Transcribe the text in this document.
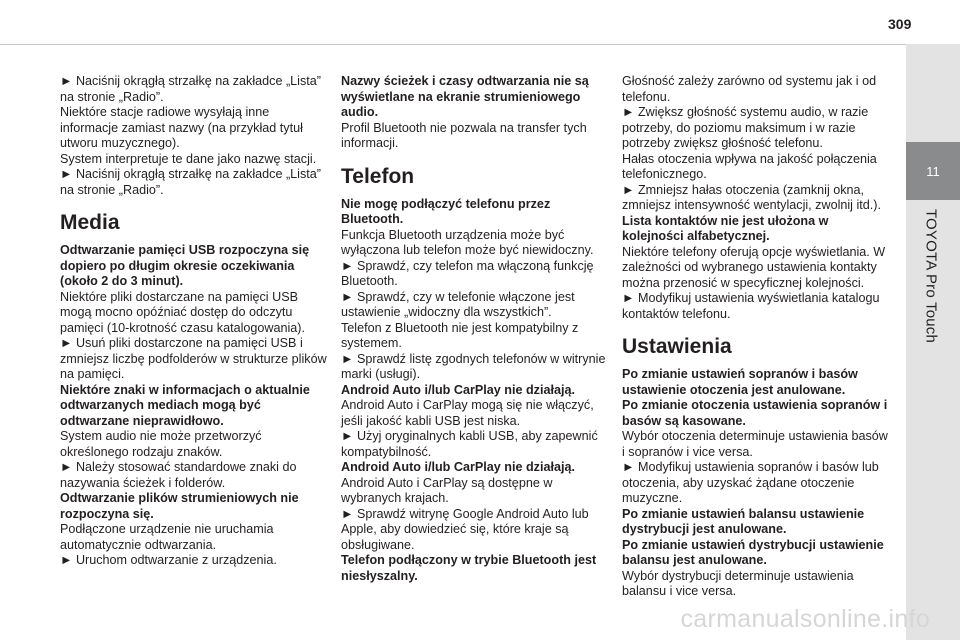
309
11
TOYOTA Pro Touch

► Naciśnij okrągłą strzałkę na zakładce „Lista” na stronie „Radio”.

Niektóre stacje radiowe wysyłają inne informacje zamiast nazwy (na przykład tytuł utworu muzycznego).

System interpretuje te dane jako nazwę stacji.

► Naciśnij okrągłą strzałkę na zakładce „Lista” na stronie „Radio”.

Media

Odtwarzanie pamięci USB rozpoczyna się dopiero po długim okresie oczekiwania (około 2 do 3 minut).

Niektóre pliki dostarczane na pamięci USB mogą mocno opóźniać dostęp do odczytu pamięci (10-krotność czasu katalogowania).

► Usuń pliki dostarczone na pamięci USB i zmniejsz liczbę podfolderów w strukturze plików na pamięci.

Niektóre znaki w informacjach o aktualnie odtwarzanych mediach mogą być odtwarzane nieprawidłowo.

System audio nie może przetworzyć określonego rodzaju znaków.

► Należy stosować standardowe znaki do nazywania ścieżek i folderów.

Odtwarzanie plików strumieniowych nie rozpoczyna się.

Podłączone urządzenie nie uruchamia automatycznie odtwarzania.

► Uruchom odtwarzanie z urządzenia.

Nazwy ścieżek i czasy odtwarzania nie są wyświetlane na ekranie strumieniowego audio.

Profil Bluetooth nie pozwala na transfer tych informacji.

Telefon

Nie mogę podłączyć telefonu przez Bluetooth.

Funkcja Bluetooth urządzenia może być wyłączona lub telefon może być niewidoczny.

► Sprawdź, czy telefon ma włączoną funkcję Bluetooth.

► Sprawdź, czy w telefonie włączone jest ustawienie „widoczny dla wszystkich”.

Telefon z Bluetooth nie jest kompatybilny z systemem.

► Sprawdź listę zgodnych telefonów w witrynie marki (usługi).

Android Auto i/lub CarPlay nie działają.

Android Auto i CarPlay mogą się nie włączyć, jeśli jakość kabli USB jest niska.

► Użyj oryginalnych kabli USB, aby zapewnić kompatybilność.

Android Auto i/lub CarPlay nie działają.

Android Auto i CarPlay są dostępne w wybranych krajach.

► Sprawdź witrynę Google Android Auto lub Apple, aby dowiedzieć się, które kraje są obsługiwane.

Telefon podłączony w trybie Bluetooth jest niesłyszalny.

Głośność zależy zarówno od systemu jak i od telefonu.

► Zwiększ głośność systemu audio, w razie potrzeby, do poziomu maksimum i w razie potrzeby zwiększ głośność telefonu.

Hałas otoczenia wpływa na jakość połączenia telefonicznego.

► Zmniejsz hałas otoczenia (zamknij okna, zmniejsz intensywność wentylacji, zwolnij itd.).

Lista kontaktów nie jest ułożona w kolejności alfabetycznej.

Niektóre telefony oferują opcje wyświetlania. W zależności od wybranego ustawienia kontakty można przenosić w specyficznej kolejności.

► Modyfikuj ustawienia wyświetlania katalogu kontaktów telefonu.

Ustawienia

Po zmianie ustawień sopranów i basów ustawienie otoczenia jest anulowane.

Po zmianie otoczenia ustawienia sopranów i basów są kasowane.

Wybór otoczenia determinuje ustawienia basów i sopranów i vice versa.

► Modyfikuj ustawienia sopranów i basów lub otoczenia, aby uzyskać żądane otoczenie muzyczne.

Po zmianie ustawień balansu ustawienie dystrybucji jest anulowane.

Po zmianie ustawień dystrybucji ustawienie balansu jest anulowane.

Wybór dystrybucji determinuje ustawienia balansu i vice versa.

carmanualsonline.info
